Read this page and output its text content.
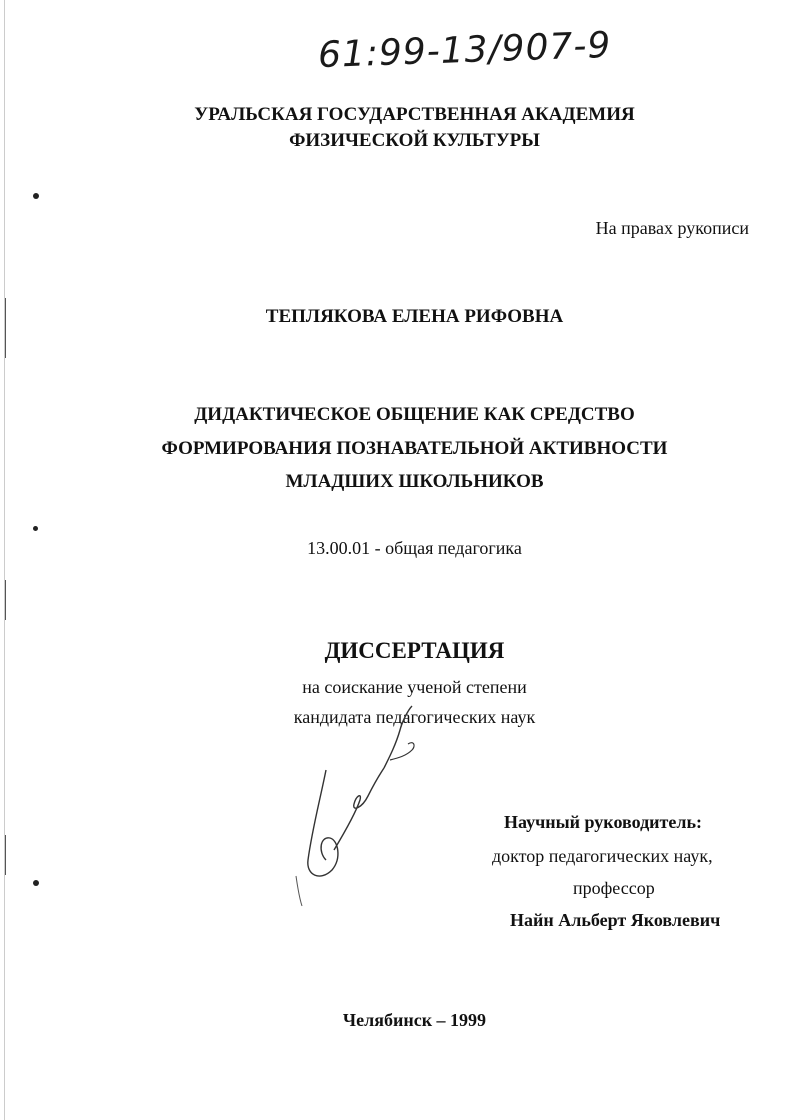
61:99-13/907-9
УРАЛЬСКАЯ ГОСУДАРСТВЕННАЯ АКАДЕМИЯ
ФИЗИЧЕСКОЙ КУЛЬТУРЫ
На правах рукописи
ТЕПЛЯКОВА ЕЛЕНА РИФОВНА
ДИДАКТИЧЕСКОЕ ОБЩЕНИЕ КАК СРЕДСТВО
ФОРМИРОВАНИЯ ПОЗНАВАТЕЛЬНОЙ АКТИВНОСТИ
МЛАДШИХ ШКОЛЬНИКОВ
13.00.01 - общая педагогика
ДИССЕРТАЦИЯ
на соискание ученой степени
кандидата педагогических наук
Научный руководитель:
доктор педагогических наук,
профессор
Найн Альберт Яковлевич
Челябинск – 1999
